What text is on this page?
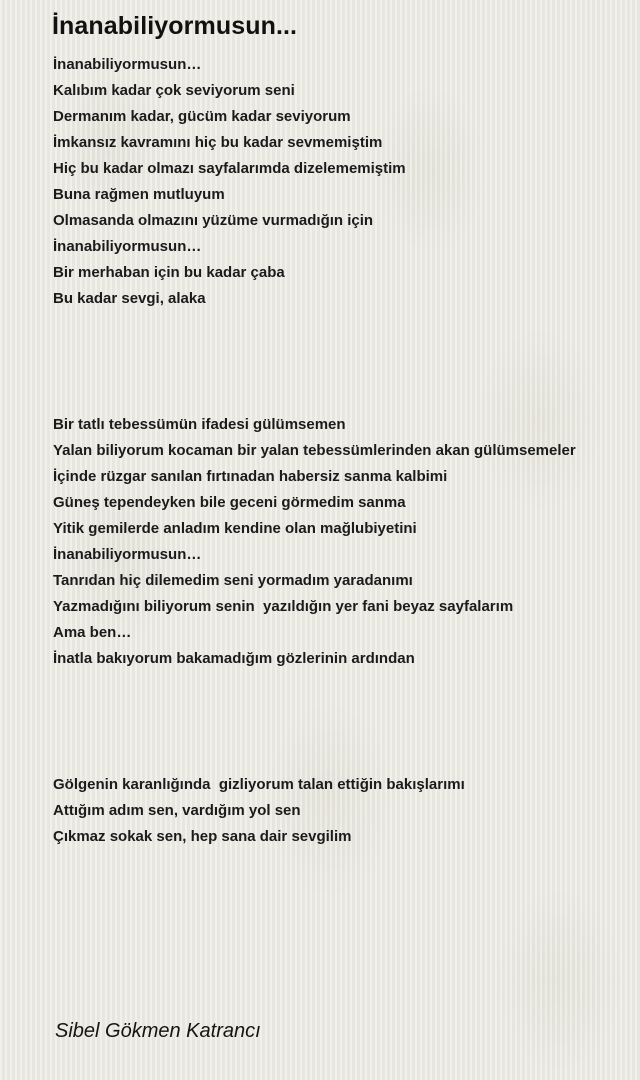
İnanabiliyormusun...
İnanabiliyormusun…
Kalıbım kadar çok seviyorum seni
Dermanım kadar, gücüm kadar seviyorum
İmkansız kavramını hiç bu kadar sevmemiştim
Hiç bu kadar olmazı sayfalarımda dizelememiştim
Buna rağmen mutluyum
Olmasanda olmazını yüzüme vurmadığın için
İnanabiliyormusun…
Bir merhaban için bu kadar çaba
Bu kadar sevgi, alaka
Bir tatlı tebessümün ifadesi gülümsemen
Yalan biliyorum kocaman bir yalan tebessümlerinden akan gülümsemeler
İçinde rüzgar sanılan fırtınadan habersiz sanma kalbimi
Güneş tependeyken bile geceni görmedim sanma
Yitik gemilerde anladım kendine olan mağlubiyetini
İnanabiliyormusun…
Tanrıdan hiç dilemedim seni yormadım yaradanımı
Yazmadığını biliyorum senin  yazıldığın yer fani beyaz sayfalarım
Ama ben…
İnatla bakıyorum bakamadığım gözlerinin ardından
Gölgenin karanlığında  gizliyorum talan ettiğin bakışlarımı
Attığım adım sen, vardığım yol sen
Çıkmaz sokak sen, hep sana dair sevgilim

Sibel Gökmen Katrancı
